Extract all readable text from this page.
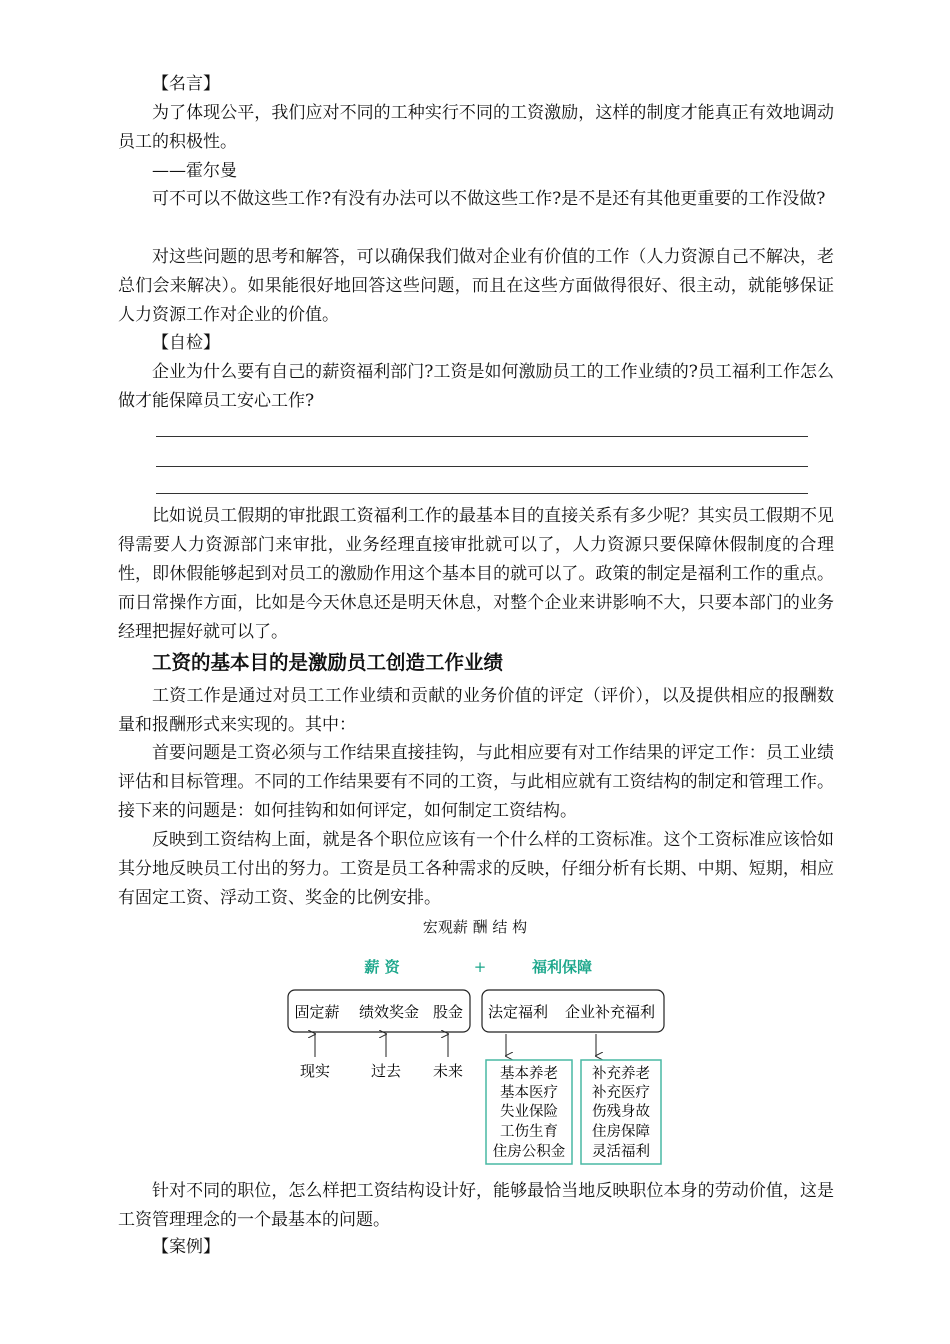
【名言】

为了体现公平，我们应对不同的工种实行不同的工资激励，这样的制度才能真正有效地调动员工的积极性。

——霍尔曼

可不可以不做这些工作?有没有办法可以不做这些工作?是不是还有其他更重要的工作没做?

对这些问题的思考和解答，可以确保我们做对企业有价值的工作（人力资源自己不解决，老总们会来解决）。如果能很好地回答这些问题，而且在这些方面做得很好、很主动，就能够保证人力资源工作对企业的价值。

【自检】

企业为什么要有自己的薪资福利部门?工资是如何激励员工的工作业绩的?员工福利工作怎么做才能保障员工安心工作?

比如说员工假期的审批跟工资福利工作的最基本目的直接关系有多少呢？其实员工假期不见得需要人力资源部门来审批，业务经理直接审批就可以了，人力资源只要保障休假制度的合理性，即休假能够起到对员工的激励作用这个基本目的就可以了。政策的制定是福利工作的重点。而日常操作方面，比如是今天休息还是明天休息，对整个企业来讲影响不大，只要本部门的业务经理把握好就可以了。

工资的基本目的是激励员工创造工作业绩

工资工作是通过对员工工作业绩和贡献的业务价值的评定（评价），以及提供相应的报酬数量和报酬形式来实现的。其中：

首要问题是工资必须与工作结果直接挂钩，与此相应要有对工作结果的评定工作：员工业绩评估和目标管理。不同的工作结果要有不同的工资，与此相应就有工资结构的制定和管理工作。接下来的问题是：如何挂钩和如何评定，如何制定工资结构。

反映到工资结构上面，就是各个职位应该有一个什么样的工资标准。这个工资标准应该恰如其分地反映员工付出的努力。工资是员工各种需求的反映，仔细分析有长期、中期、短期，相应有固定工资、浮动工资、奖金的比例安排。

宏观薪 酬 结 构
薪 资	+	福利保障
固定薪 绩效奖金 股金 法定福利 企业补充福利
现实	过去 未来	基本养老
基本医疗
失业保险
工伤生育
住房公积金
补充养老
补充医疗
伤残身故
住房保障
灵活福利

针对不同的职位，怎么样把工资结构设计好，能够最恰当地反映职位本身的劳动价值，这是工资管理理念的一个最基本的问题。

【案例】
